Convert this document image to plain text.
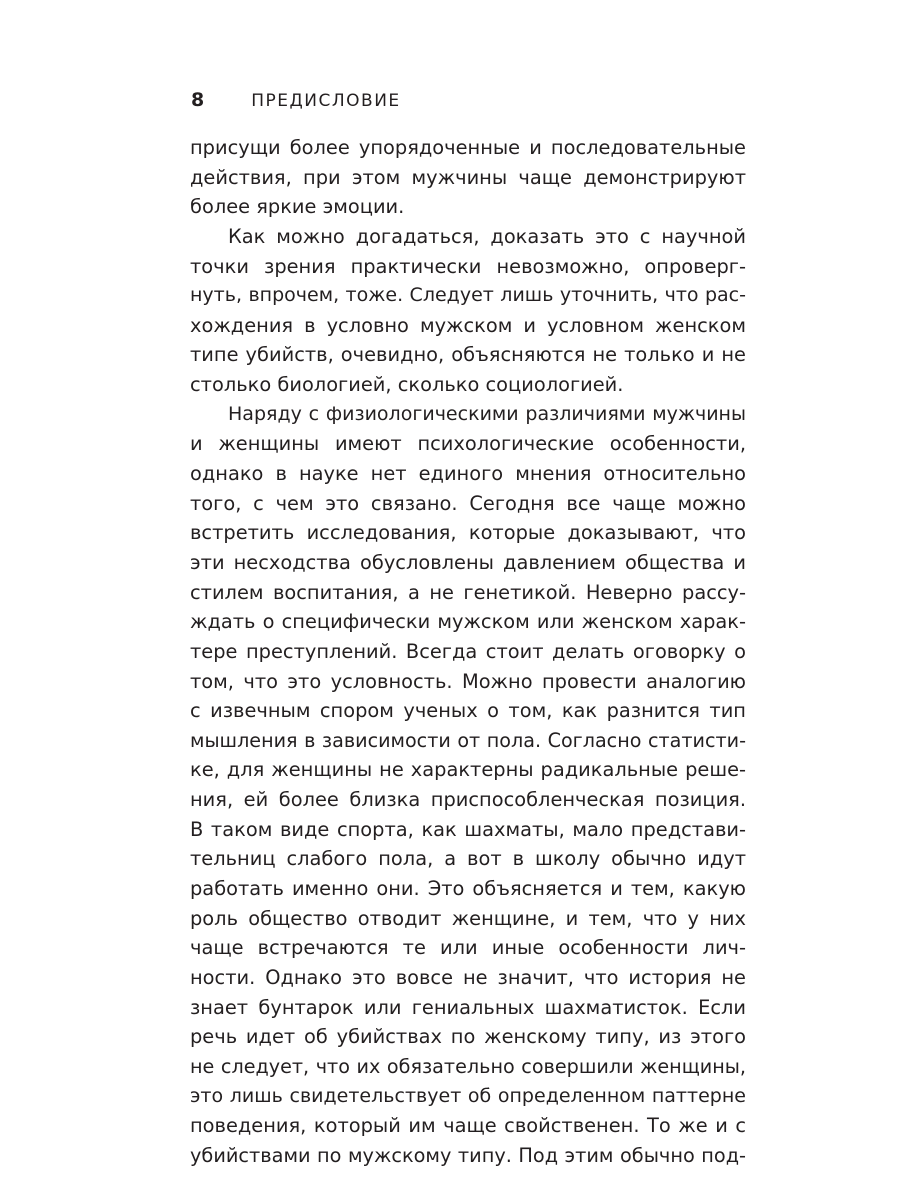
8	ПРЕДИСЛОВИЕ
присущи более упорядоченные и последовательные
действия, при этом мужчины чаще демонстрируют
более яркие эмоции.
Как можно догадаться, доказать это с научной
точки зрения практически невозможно, опроверг-
нуть, впрочем, тоже. Следует лишь уточнить, что рас-
хождения в условно мужском и условном женском
типе убийств, очевидно, объясняются не только и не
столько биологией, сколько социологией.
Наряду с физиологическими различиями мужчины
и женщины имеют психологические особенности,
однако в науке нет единого мнения относительно
того, с чем это связано. Сегодня все чаще можно
встретить исследования, которые доказывают, что
эти несходства обусловлены давлением общества и
стилем воспитания, а не генетикой. Неверно рассу-
ждать о специфически мужском или женском харак-
тере преступлений. Всегда стоит делать оговорку о
том, что это условность. Можно провести аналогию
с извечным спором ученых о том, как разнится тип
мышления в зависимости от пола. Согласно статисти-
ке, для женщины не характерны радикальные реше-
ния, ей более близка приспособленческая позиция.
В таком виде спорта, как шахматы, мало представи-
тельниц слабого пола, а вот в школу обычно идут
работать именно они. Это объясняется и тем, какую
роль общество отводит женщине, и тем, что у них
чаще встречаются те или иные особенности лич-
ности. Однако это вовсе не значит, что история не
знает бунтарок или гениальных шахматисток. Если
речь идет об убийствах по женскому типу, из этого
не следует, что их обязательно совершили женщины,
это лишь свидетельствует об определенном паттерне
поведения, который им чаще свойственен. То же и с
убийствами по мужскому типу. Под этим обычно под-
